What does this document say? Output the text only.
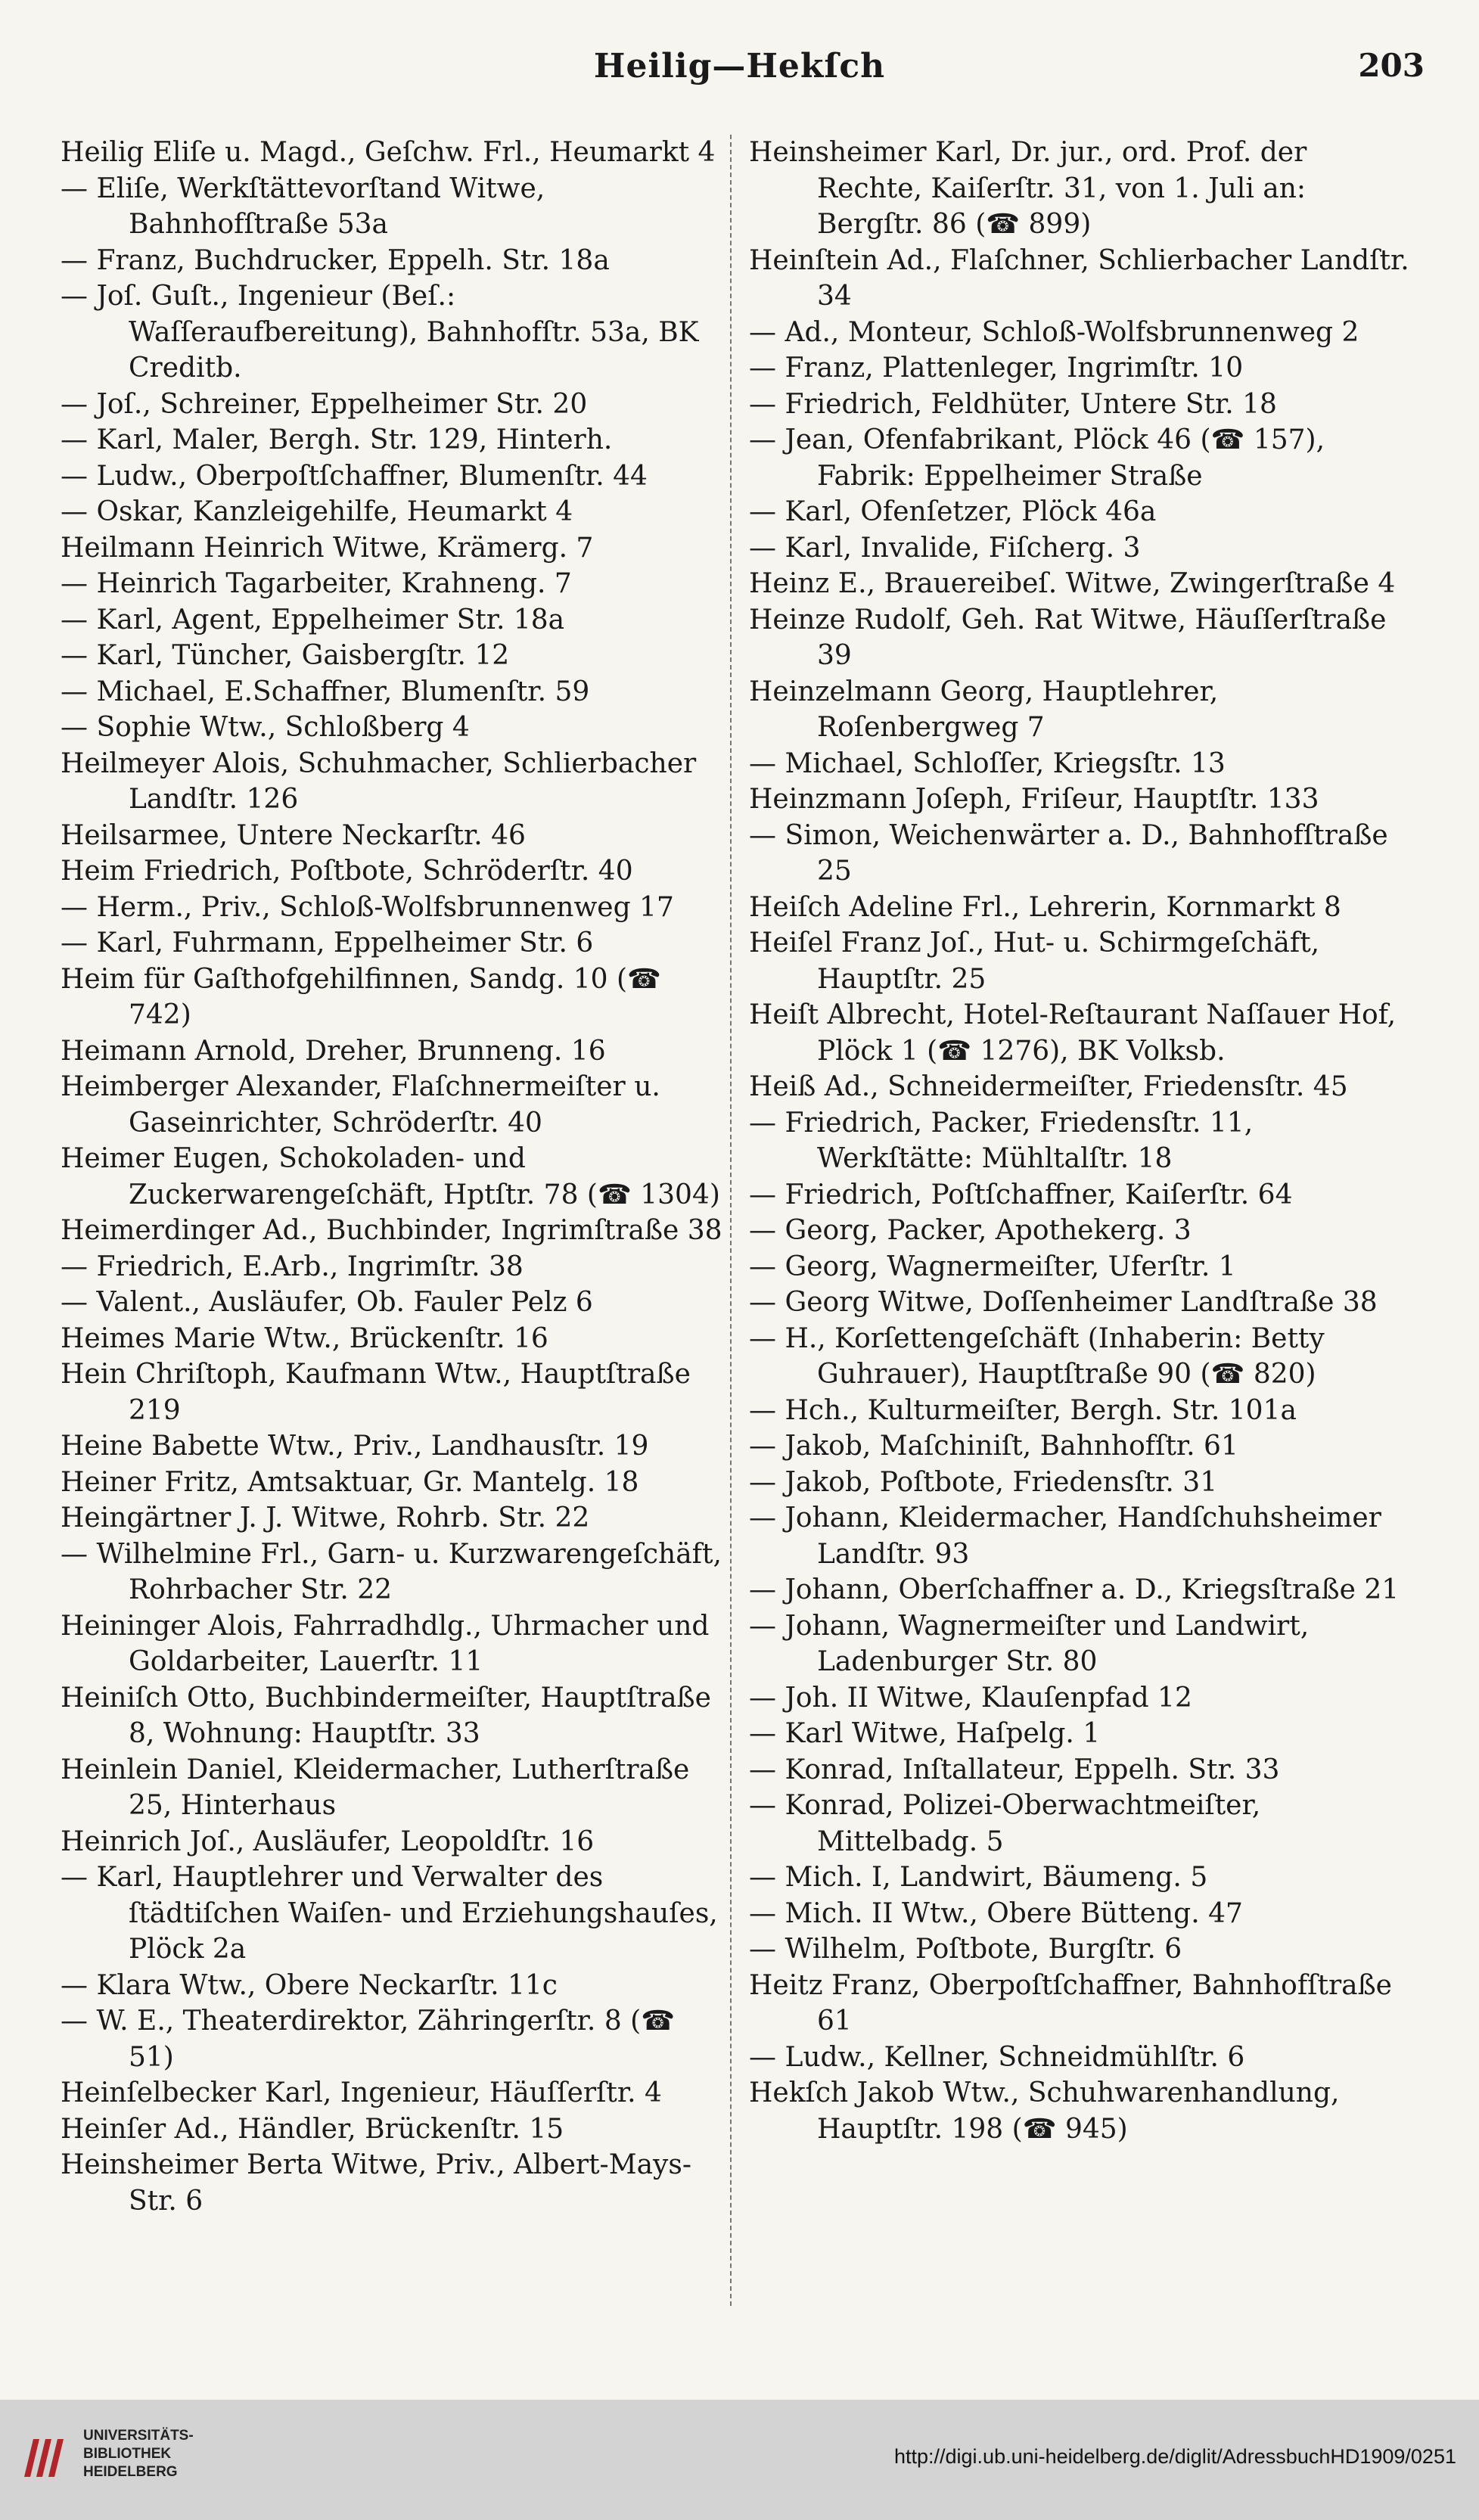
Heilig—Hekſch	203
Heilig Eliſe u. Magd., Geſchw. Frl., Heumarkt 4
— Eliſe, Werkſtättevorſtand Witwe, Bahnhofſtraße 53a
— Franz, Buchdrucker, Eppelh. Str. 18a
— Joſ. Guſt., Ingenieur (Beſ.: Waſſeraufbereitung), Bahnhofſtr. 53a, BK Creditb.
— Joſ., Schreiner, Eppelheimer Str. 20
— Karl, Maler, Bergh. Str. 129, Hinterh.
— Ludw., Oberpoſtſchaffner, Blumenſtr. 44
— Oskar, Kanzleigehilfe, Heumarkt 4
Heilmann Heinrich Witwe, Krämerg. 7
— Heinrich Tagarbeiter, Krahneng. 7
— Karl, Agent, Eppelheimer Str. 18a
— Karl, Tüncher, Gaisbergſtr. 12
— Michael, E.Schaffner, Blumenſtr. 59
— Sophie Wtw., Schloßberg 4
Heilmeyer Alois, Schuhmacher, Schlierbacher Landſtr. 126
Heilsarmee, Untere Neckarſtr. 46
Heim Friedrich, Poſtbote, Schröderſtr. 40
— Herm., Priv., Schloß-Wolfsbrunnenweg 17
— Karl, Fuhrmann, Eppelheimer Str. 6
Heim für Gaſthofgehilfinnen, Sandg. 10 (☎ 742)
Heimann Arnold, Dreher, Brunneng. 16
Heimberger Alexander, Flaſchnermeiſter u. Gaseinrichter, Schröderſtr. 40
Heimer Eugen, Schokoladen- und Zuckerwarengeſchäft, Hptſtr. 78 (☎ 1304)
Heimerdinger Ad., Buchbinder, Ingrimſtraße 38
— Friedrich, E.Arb., Ingrimſtr. 38
— Valent., Ausläufer, Ob. Fauler Pelz 6
Heimes Marie Wtw., Brückenſtr. 16
Hein Chriſtoph, Kaufmann Wtw., Hauptſtraße 219
Heine Babette Wtw., Priv., Landhausſtr. 19
Heiner Fritz, Amtsaktuar, Gr. Mantelg. 18
Heingärtner J. J. Witwe, Rohrb. Str. 22
— Wilhelmine Frl., Garn- u. Kurzwarengeſchäft, Rohrbacher Str. 22
Heininger Alois, Fahrradhdlg., Uhrmacher und Goldarbeiter, Lauerſtr. 11
Heiniſch Otto, Buchbindermeiſter, Hauptſtraße 8, Wohnung: Hauptſtr. 33
Heinlein Daniel, Kleidermacher, Lutherſtraße 25, Hinterhaus
Heinrich Joſ., Ausläufer, Leopoldſtr. 16
— Karl, Hauptlehrer und Verwalter des ſtädtiſchen Waiſen- und Erziehungshauſes, Plöck 2a
— Klara Wtw., Obere Neckarſtr. 11c
— W. E., Theaterdirektor, Zähringerſtr. 8 (☎ 51)
Heinſelbecker Karl, Ingenieur, Häuſſerſtr. 4
Heinſer Ad., Händler, Brückenſtr. 15
Heinsheimer Berta Witwe, Priv., Albert-Mays-Str. 6
Heinsheimer Karl, Dr. jur., ord. Prof. der Rechte, Kaiſerſtr. 31, von 1. Juli an: Bergſtr. 86 (☎ 899)
Heinſtein Ad., Flaſchner, Schlierbacher Landſtr. 34
— Ad., Monteur, Schloß-Wolfsbrunnenweg 2
— Franz, Plattenleger, Ingrimſtr. 10
— Friedrich, Feldhüter, Untere Str. 18
— Jean, Ofenfabrikant, Plöck 46 (☎ 157), Fabrik: Eppelheimer Straße
— Karl, Ofenſetzer, Plöck 46a
— Karl, Invalide, Fiſcherg. 3
Heinz E., Brauereibeſ. Witwe, Zwingerſtraße 4
Heinze Rudolf, Geh. Rat Witwe, Häuſſerſtraße 39
Heinzelmann Georg, Hauptlehrer, Roſenbergweg 7
— Michael, Schloſſer, Kriegsſtr. 13
Heinzmann Joſeph, Friſeur, Hauptſtr. 133
— Simon, Weichenwärter a. D., Bahnhofſtraße 25
Heiſch Adeline Frl., Lehrerin, Kornmarkt 8
Heiſel Franz Joſ., Hut- u. Schirmgeſchäft, Hauptſtr. 25
Heiſt Albrecht, Hotel-Reſtaurant Naſſauer Hof, Plöck 1 (☎ 1276), BK Volksb.
Heiß Ad., Schneidermeiſter, Friedensſtr. 45
— Friedrich, Packer, Friedensſtr. 11, Werkſtätte: Mühltalſtr. 18
— Friedrich, Poſtſchaffner, Kaiſerſtr. 64
— Georg, Packer, Apothekerg. 3
— Georg, Wagnermeiſter, Uferſtr. 1
— Georg Witwe, Doſſenheimer Landſtraße 38
— H., Korſettengeſchäft (Inhaberin: Betty Guhrauer), Hauptſtraße 90 (☎ 820)
— Hch., Kulturmeiſter, Bergh. Str. 101a
— Jakob, Maſchiniſt, Bahnhofſtr. 61
— Jakob, Poſtbote, Friedensſtr. 31
— Johann, Kleidermacher, Handſchuhsheimer Landſtr. 93
— Johann, Oberſchaffner a. D., Kriegsſtraße 21
— Johann, Wagnermeiſter und Landwirt, Ladenburger Str. 80
— Joh. II Witwe, Klauſenpfad 12
— Karl Witwe, Haſpelg. 1
— Konrad, Inſtallateur, Eppelh. Str. 33
— Konrad, Polizei-Oberwachtmeiſter, Mittelbadg. 5
— Mich. I, Landwirt, Bäumeng. 5
— Mich. II Wtw., Obere Bütteng. 47
— Wilhelm, Poſtbote, Burgſtr. 6
Heitz Franz, Oberpoſtſchaffner, Bahnhofſtraße 61
— Ludw., Kellner, Schneidmühlſtr. 6
Hekſch Jakob Wtw., Schuhwarenhandlung, Hauptſtr. 198 (☎ 945)
UNIVERSITÄTS-
BIBLIOTHEK
HEIDELBERG
http://digi.ub.uni-heidelberg.de/diglit/AdressbuchHD1909/0251
